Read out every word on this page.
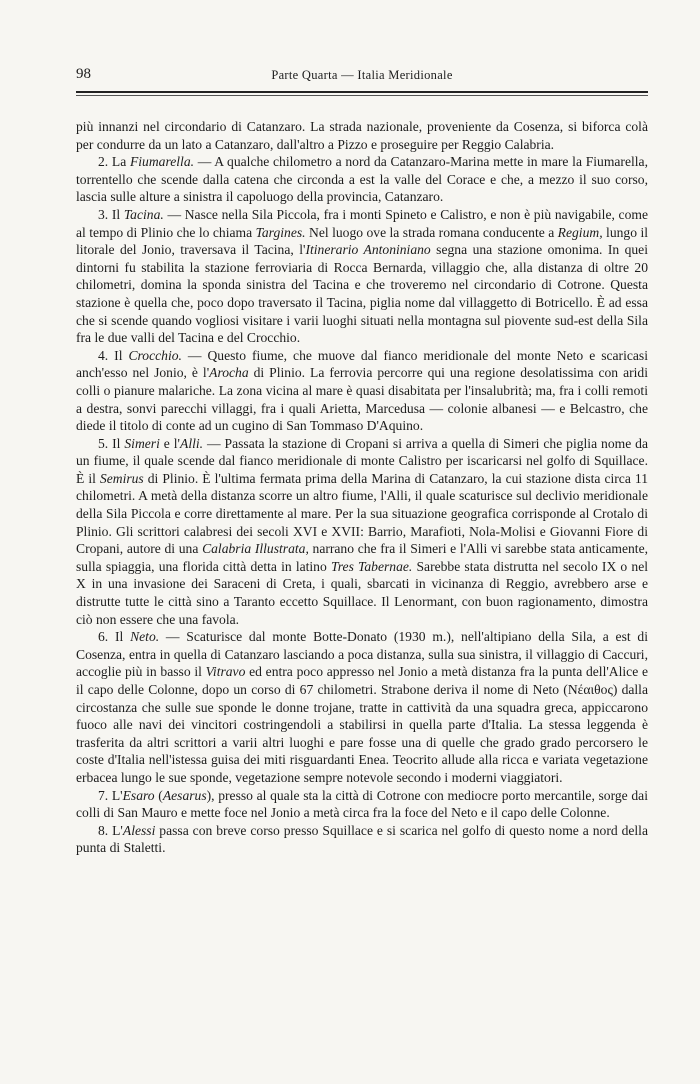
98	Parte Quarta — Italia Meridionale

più innanzi nel circondario di Catanzaro. La strada nazionale, proveniente da Cosenza, si biforca colà per condurre da un lato a Catanzaro, dall'altro a Pizzo e proseguire per Reggio Calabria.

2. La Fiumarella. — A qualche chilometro a nord da Catanzaro-Marina mette in mare la Fiumarella, torrentello che scende dalla catena che circonda a est la valle del Corace e che, a mezzo il suo corso, lascia sulle alture a sinistra il capoluogo della provincia, Catanzaro.

3. Il Tacina. — Nasce nella Sila Piccola, fra i monti Spineto e Calistro, e non è più navigabile, come al tempo di Plinio che lo chiama Targines. Nel luogo ove la strada romana conducente a Regium, lungo il litorale del Jonio, traversava il Tacina, l'Itinerario Antoniniano segna una stazione omonima. In quei dintorni fu stabilita la stazione ferroviaria di Rocca Bernarda, villaggio che, alla distanza di oltre 20 chilometri, domina la sponda sinistra del Tacina e che troveremo nel circondario di Cotrone. Questa stazione è quella che, poco dopo traversato il Tacina, piglia nome dal villaggetto di Botricello. È ad essa che si scende quando vogliosi visitare i varii luoghi situati nella montagna sul piovente sud-est della Sila fra le due valli del Tacina e del Crocchio.

4. Il Crocchio. — Questo fiume, che muove dal fianco meridionale del monte Neto e scaricasi anch'esso nel Jonio, è l'Arocha di Plinio. La ferrovia percorre qui una regione desolatissima con aridi colli o pianure malariche. La zona vicina al mare è quasi disabitata per l'insalubrità; ma, fra i colli remoti a destra, sonvi parecchi villaggi, fra i quali Arietta, Marcedusa — colonie albanesi — e Belcastro, che diede il titolo di conte ad un cugino di San Tommaso D'Aquino.

5. Il Simeri e l'Alli. — Passata la stazione di Cropani si arriva a quella di Simeri che piglia nome da un fiume, il quale scende dal fianco meridionale di monte Calistro per iscaricarsi nel golfo di Squillace. È il Semirus di Plinio. È l'ultima fermata prima della Marina di Catanzaro, la cui stazione dista circa 11 chilometri. A metà della distanza scorre un altro fiume, l'Alli, il quale scaturisce sul declivio meridionale della Sila Piccola e corre direttamente al mare. Per la sua situazione geografica corrisponde al Crotalo di Plinio. Gli scrittori calabresi dei secoli XVI e XVII: Barrio, Marafioti, Nola-Molisi e Giovanni Fiore di Cropani, autore di una Calabria Illustrata, narrano che fra il Simeri e l'Alli vi sarebbe stata anticamente, sulla spiaggia, una florida città detta in latino Tres Tabernae. Sarebbe stata distrutta nel secolo IX o nel X in una invasione dei Saraceni di Creta, i quali, sbarcati in vicinanza di Reggio, avrebbero arse e distrutte tutte le città sino a Taranto eccetto Squillace. Il Lenormant, con buon ragionamento, dimostra ciò non essere che una favola.

6. Il Neto. — Scaturisce dal monte Botte-Donato (1930 m.), nell'altipiano della Sila, a est di Cosenza, entra in quella di Catanzaro lasciando a poca distanza, sulla sua sinistra, il villaggio di Caccuri, accoglie più in basso il Vitravo ed entra poco appresso nel Jonio a metà distanza fra la punta dell'Alice e il capo delle Colonne, dopo un corso di 67 chilometri. Strabone deriva il nome di Neto (Νέαιθος) dalla circostanza che sulle sue sponde le donne trojane, tratte in cattività da una squadra greca, appiccarono fuoco alle navi dei vincitori costringendoli a stabilirsi in quella parte d'Italia. La stessa leggenda è trasferita da altri scrittori a varii altri luoghi e pare fosse una di quelle che grado grado percorsero le coste d'Italia nell'istessa guisa dei miti risguardanti Enea. Teocrito allude alla ricca e variata vegetazione erbacea lungo le sue sponde, vegetazione sempre notevole secondo i moderni viaggiatori.

7. L'Esaro (Aesarus), presso al quale sta la città di Cotrone con mediocre porto mercantile, sorge dai colli di San Mauro e mette foce nel Jonio a metà circa fra la foce del Neto e il capo delle Colonne.

8. L'Alessi passa con breve corso presso Squillace e si scarica nel golfo di questo nome a nord della punta di Staletti.
